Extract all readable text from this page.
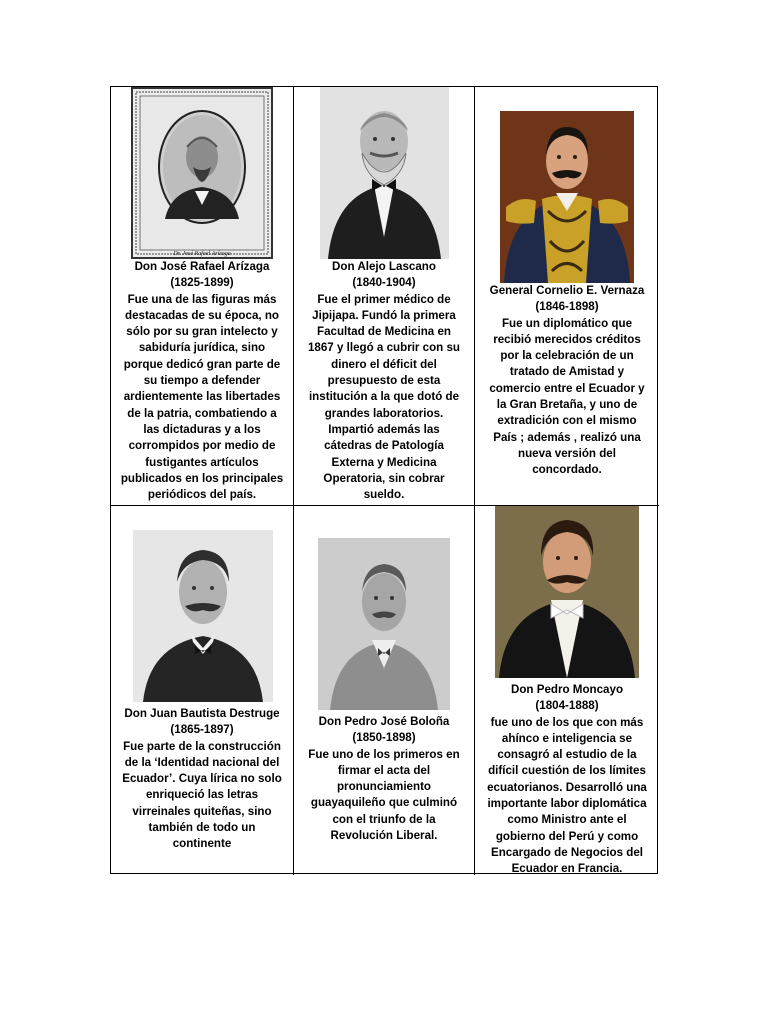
Dr. José Rafael Arízaga
Don José Rafael Arízaga
(1825-1899)
Fue una de las figuras más
destacadas de su época, no
sólo por su gran intelecto y
sabiduría jurídica, sino
porque dedicó gran parte de
su tiempo a defender
ardientemente las libertades
de la patria, combatiendo a
las dictaduras y a los
corrompidos por medio de
fustigantes artículos
publicados en los principales
periódicos del país.
Don Alejo Lascano
(1840-1904)
Fue el primer médico de
Jipijapa. Fundó la primera
Facultad de Medicina en
1867 y llegó a cubrir con su
dinero el déficit del
presupuesto de esta
institución a la que dotó de
grandes laboratorios.
Impartió además las
cátedras de Patología
Externa y Medicina
Operatoria, sin cobrar
sueldo.
General Cornelio E. Vernaza
(1846-1898)
Fue un diplomático que
recibió merecidos créditos
por la celebración de un
tratado de Amistad y
comercio entre el Ecuador y
la Gran Bretaña, y uno de
extradición con el mismo
País ; además , realizó una
nueva versión del
concordado.
Don Juan Bautista Destruge
(1865-1897)
Fue parte de la construcción
de la ‘Identidad nacional del
Ecuador’. Cuya lírica no solo
enriqueció las letras
virreinales quiteñas, sino
también de todo un
continente
Don Pedro José Boloña
(1850-1898)
Fue uno de los primeros en
firmar el acta del
pronunciamiento
guayaquileño que culminó
con el triunfo de la
Revolución Liberal.
Don Pedro Moncayo
(1804-1888)
fue uno de los que con más
ahínco e inteligencia se
consagró al estudio de la
difícil cuestión de los límites
ecuatorianos. Desarrolló una
importante labor diplomática
como Ministro ante el
gobierno del Perú y como
Encargado de Negocios del
Ecuador en Francia.
